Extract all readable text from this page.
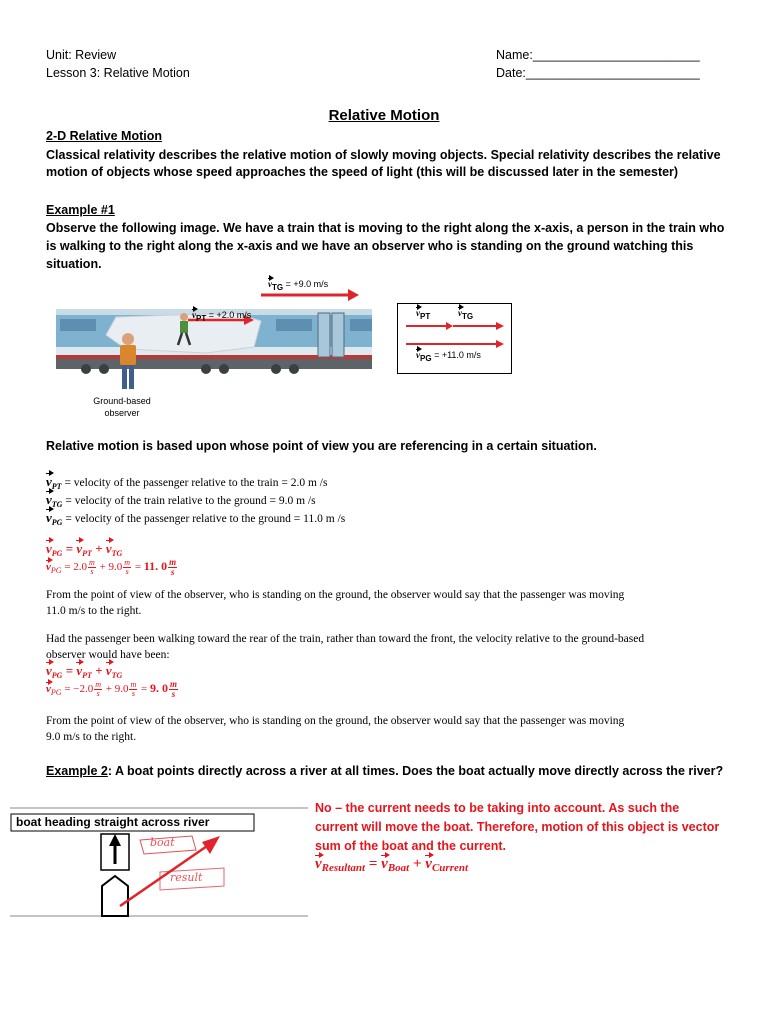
Unit: Review
Lesson 3: Relative Motion
Name:________________________
Date:_________________________
Relative Motion
2-D Relative Motion
Classical relativity describes the relative motion of slowly moving objects. Special relativity describes the relative
motion of objects whose speed approaches the speed of light (this will be discussed later in the semester)
Example #1
Observe the following image. We have a train that is moving to the right along the x-axis, a person in the train who
is walking to the right along the x-axis and we have an observer who is standing on the ground watching this
situation.
vTG = +9.0 m/s
vPT = +2.0 m/s
Ground-based
observer
vPT	vTG
vPG = +11.0 m/s
Relative motion is based upon whose point of view you are referencing in a certain situation.
$v_{PT}$ = velocity of the passenger relative to the train = 2.0 m /s
$v_{TG}$ = velocity of the train relative to the ground = 9.0 m /s
$v_{PG}$ = velocity of the passenger relative to the ground = 11.0 m /s
$v_{PG} = v_{PT} + v_{TG}$
$v_{PG} = 2.0 \frac{m}{s} + 9.0 \frac{m}{s} = 11$. $0 \frac{m}{s}$
From the point of view of the observer, who is standing on the ground, the observer would say that the passenger was moving
11.0 m/s to the right.
Had the passenger been walking toward the rear of the train, rather than toward the front, the velocity relative to the ground-based
observer would have been:
$v_{PG} = v_{PT} + v_{TG}$
$v_{PG} = -2.0 \frac{m}{s} + 9.0 \frac{m}{s} = 9$. $0 \frac{m}{s}$
From the point of view of the observer, who is standing on the ground, the observer would say that the passenger was moving
9.0 m/s to the right.
Example 2: A boat points directly across a river at all times. Does the boat actually move directly across the river?
boat heading straight across river
boat
result
No – the current needs to be taking into account. As such the
current will move the boat. Therefore, motion of this object is vector
sum of the boat and the current.
$v_{Resultant} = v_{Boat} + v_{Current}$
